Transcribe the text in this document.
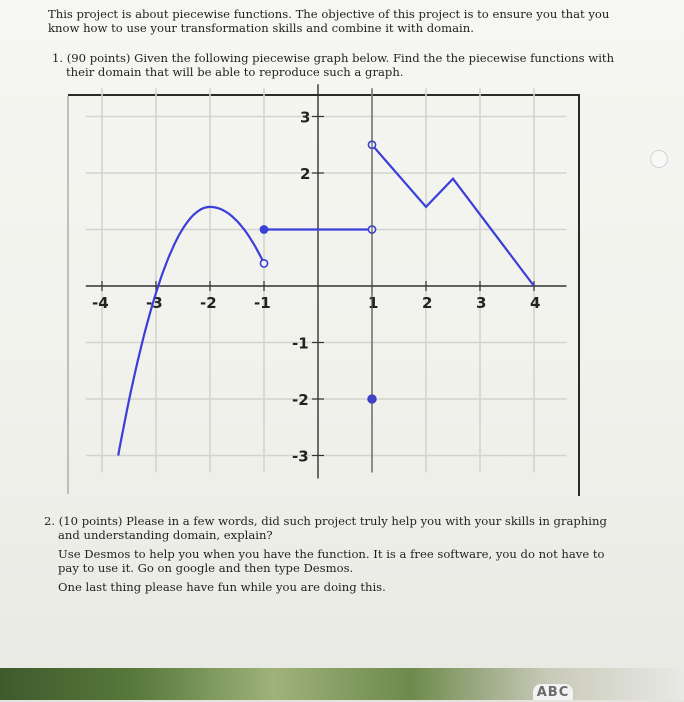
This project is about piecewise functions. The objective of this project is to ensure you that you
know how to use your transformation skills and combine it with domain.

1. (90 points) Given the following piecewise graph below. Find the the piecewise functions with
their domain that will be able to reproduce such a graph.

-4 -3 -2 -1	1	2	3	4
3
2
-1
-2
-3

2. (10 points) Please in a few words, did such project truly help you with your skills in graphing
and understanding domain, explain?

Use Desmos to help you when you have the function. It is a free software, you do not have to
pay to use it. Go on google and then type Desmos.

One last thing please have fun while you are doing this.

ABC
